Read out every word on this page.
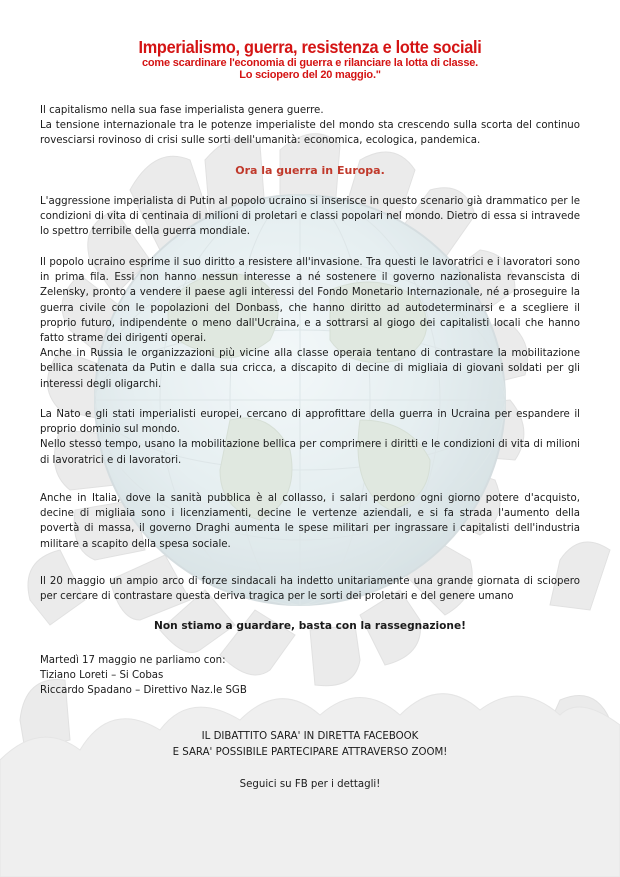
Imperialismo, guerra, resistenza e lotte sociali
come scardinare l'economia di guerra e rilanciare la lotta di classe.
Lo sciopero del 20 maggio."
Il capitalismo nella sua fase imperialista genera guerre.
La tensione internazionale tra le potenze imperialiste del mondo sta crescendo sulla scorta del continuo rovesciarsi rovinoso di crisi sulle sorti dell'umanità: economica, ecologica, pandemica.
Ora la guerra in Europa.
L'aggressione imperialista di Putin al popolo ucraino si inserisce in questo scenario già drammatico per le condizioni di vita di centinaia di milioni di proletari e classi popolari nel mondo. Dietro di essa si intravede lo spettro terribile della guerra mondiale.
Il popolo ucraino esprime il suo diritto a resistere all'invasione. Tra questi le lavoratrici e i lavoratori sono in prima fila. Essi non hanno nessun interesse a né sostenere il governo nazionalista revanscista di Zelensky, pronto a vendere il paese agli interessi del Fondo Monetario Internazionale, né a proseguire la guerra civile con le popolazioni del Donbass, che hanno diritto ad autodeterminarsi e a scegliere il proprio futuro, indipendente o meno dall'Ucraina, e a sottrarsi al giogo dei capitalisti locali che hanno fatto strame dei dirigenti operai.
Anche in Russia le organizzazioni più vicine alla classe operaia tentano di contrastare la mobilitazione bellica scatenata da Putin e dalla sua cricca, a discapito di decine di migliaia di giovani soldati per gli interessi degli oligarchi.
La Nato e gli stati imperialisti europei, cercano di approfittare della guerra in Ucraina per espandere il proprio dominio sul mondo.
Nello stesso tempo, usano la mobilitazione bellica per comprimere i diritti e le condizioni di vita di milioni di lavoratrici e di lavoratori.
Anche in Italia, dove la sanità pubblica è al collasso, i salari perdono ogni giorno potere d'acquisto, decine di migliaia sono i licenziamenti, decine le vertenze aziendali, e si fa strada l'aumento della povertà di massa, il governo Draghi aumenta le spese militari per ingrassare i capitalisti dell'industria militare a scapito della spesa sociale.
Il 20 maggio un ampio arco di forze sindacali ha indetto unitariamente una grande giornata di sciopero per cercare di contrastare questa deriva tragica per le sorti dei proletari e del genere umano
Non stiamo a guardare, basta con la rassegnazione!
Martedì 17 maggio ne parliamo con:
Tiziano Loreti – Si Cobas
Riccardo Spadano – Direttivo Naz.le SGB
IL DIBATTITO SARA' IN DIRETTA FACEBOOK
E SARA' POSSIBILE PARTECIPARE ATTRAVERSO ZOOM!
Seguici su FB per i dettagli!
